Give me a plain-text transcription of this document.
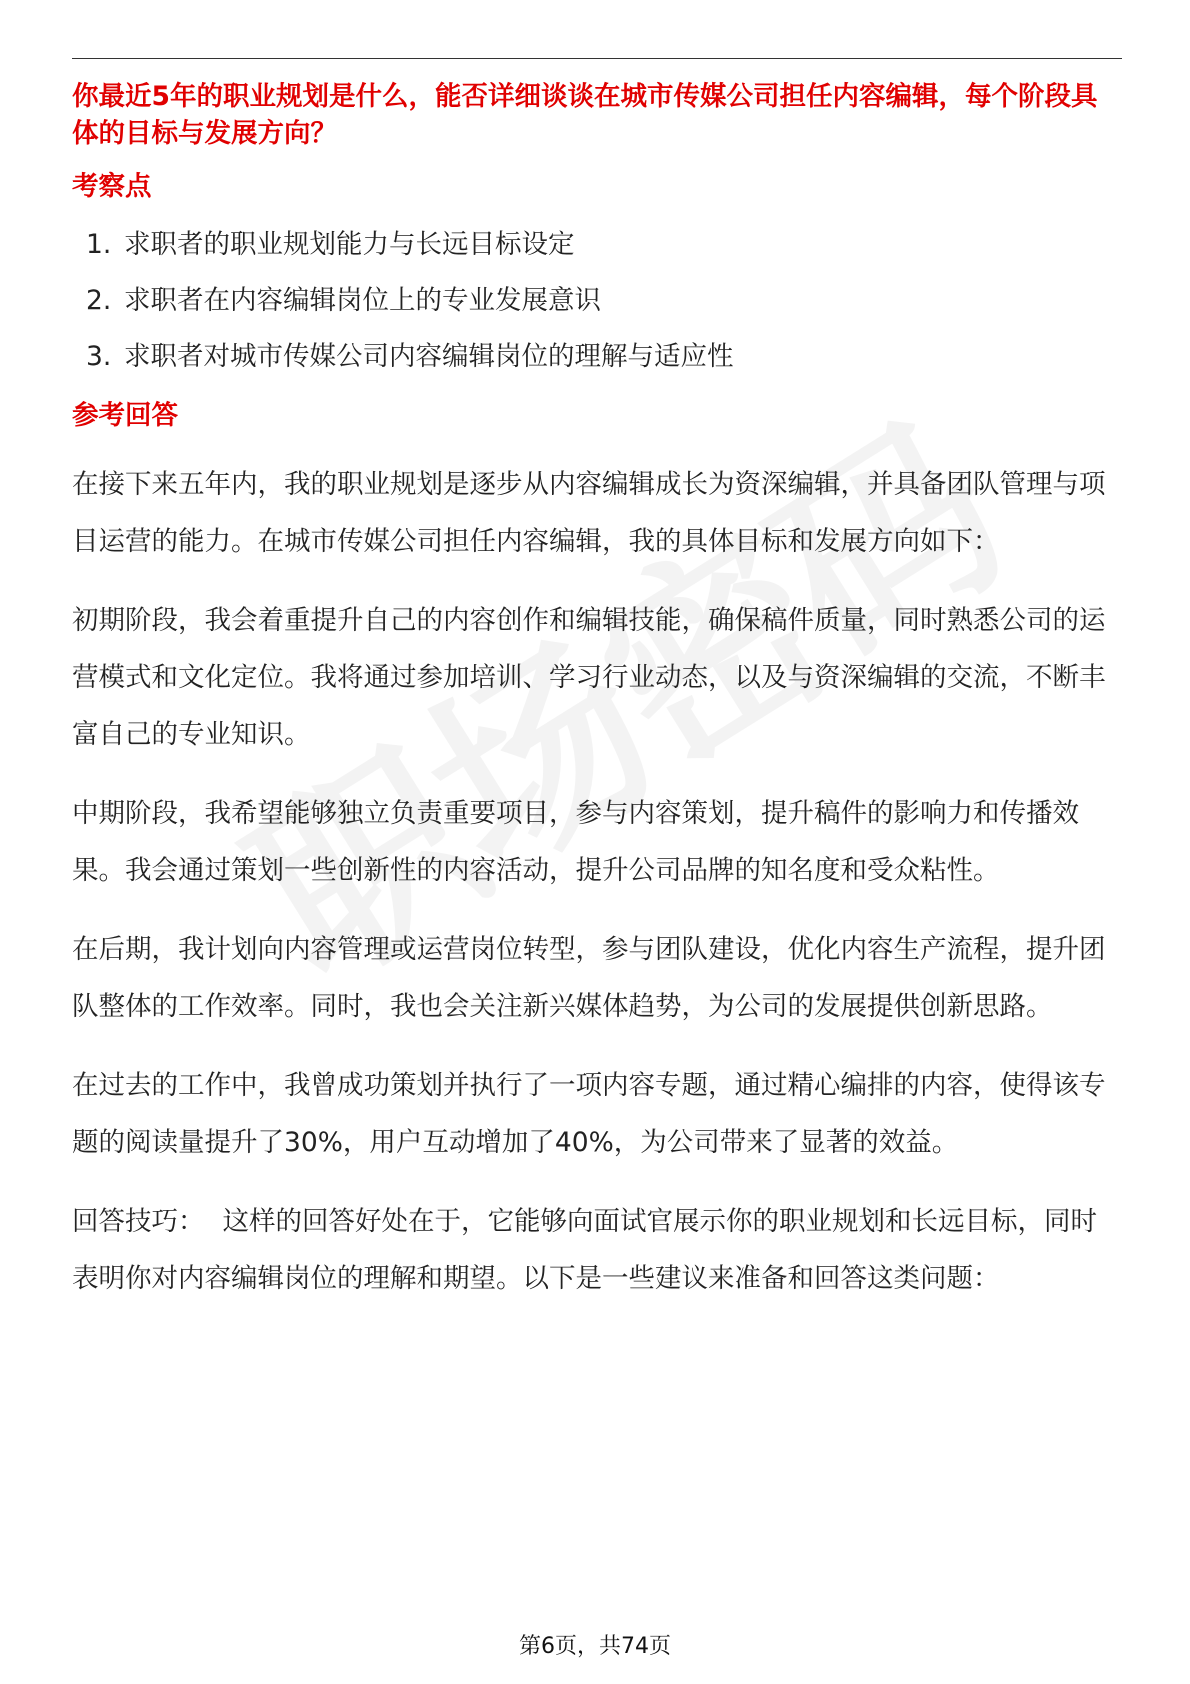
你最近5年的职业规划是什么，能否详细谈谈在城市传媒公司担任内容编辑，每个阶段具体的目标与发展方向？

考察点

1. 求职者的职业规划能力与长远目标设定
2. 求职者在内容编辑岗位上的专业发展意识
3. 求职者对城市传媒公司内容编辑岗位的理解与适应性

参考回答

在接下来五年内，我的职业规划是逐步从内容编辑成长为资深编辑，并具备团队管理与项目运营的能力。在城市传媒公司担任内容编辑，我的具体目标和发展方向如下：

初期阶段，我会着重提升自己的内容创作和编辑技能，确保稿件质量，同时熟悉公司的运营模式和文化定位。我将通过参加培训、学习行业动态，以及与资深编辑的交流，不断丰富自己的专业知识。

中期阶段，我希望能够独立负责重要项目，参与内容策划，提升稿件的影响力和传播效果。我会通过策划一些创新性的内容活动，提升公司品牌的知名度和受众粘性。

在后期，我计划向内容管理或运营岗位转型，参与团队建设，优化内容生产流程，提升团队整体的工作效率。同时，我也会关注新兴媒体趋势，为公司的发展提供创新思路。

在过去的工作中，我曾成功策划并执行了一项内容专题，通过精心编排的内容，使得该专题的阅读量提升了30%，用户互动增加了40%，为公司带来了显著的效益。

回答技巧： 这样的回答好处在于，它能够向面试官展示你的职业规划和长远目标，同时表明你对内容编辑岗位的理解和期望。以下是一些建议来准备和回答这类问题：

第6页，共74页
